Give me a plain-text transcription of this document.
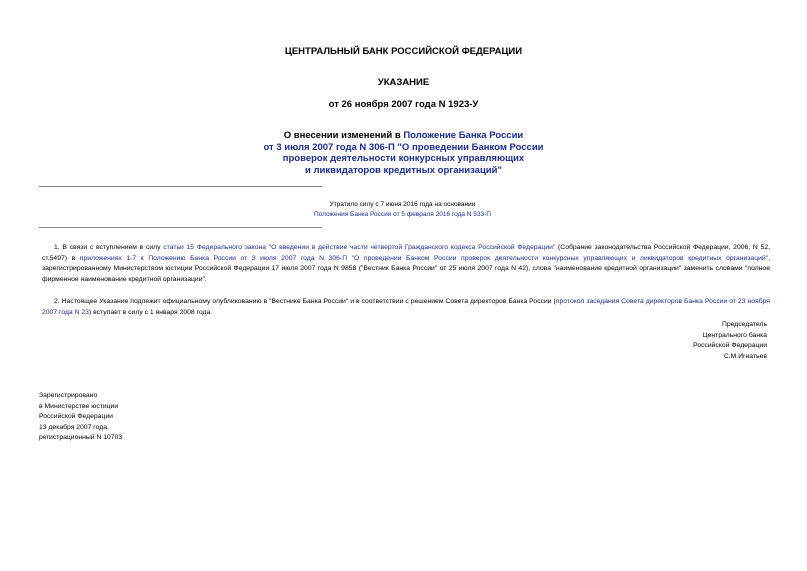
ЦЕНТРАЛЬНЫЙ БАНК РОССИЙСКОЙ ФЕДЕРАЦИИ
УКАЗАНИЕ
от 26 ноября 2007 года N 1923-У
О внесении изменений в Положение Банка России
от 3 июля 2007 года N 306-П "О проведении Банком России
проверок деятельности конкурсных управляющих
и ликвидаторов кредитных организаций"
Утратило силу с 7 июня 2016 года на основании
Положения Банка России от 5 февраля 2016 года N 533-П
1. В связи с вступлением в силу статьи 15 Федерального закона "О введении в действие части четвертой Гражданского кодекса Российской Федерации" (Собрание законодательства Российской Федерации, 2006, N 52, ст.5497) в приложениях 1-7 к Положению Банка России от 3 июля 2007 года N 306-П "О проведении Банком России проверок деятельности конкурсных управляющих и ликвидаторов кредитных организаций", зарегистрированному Министерством юстиции Российской Федерации 17 июля 2007 года N 9858 ("Вестник Банка России" от 25 июля 2007 года N 42), слова "наименование кредитной организации" заменить словами "полное фирменное наименование кредитной организации".
2. Настоящее Указание подлежит официальному опубликованию в "Вестнике Банка России" и в соответствии с решением Совета директоров Банка России (протокол заседания Совета директоров Банка России от 23 ноября 2007 года N 23) вступает в силу с 1 января 2008 года.
Председатель
Центрального банка
Российской Федерации
С.М.Игнатьев
Зарегистрировано
в Министерстве юстиции
Российской Федерации
13 декабря 2007 года,
регистрационный N 10703
